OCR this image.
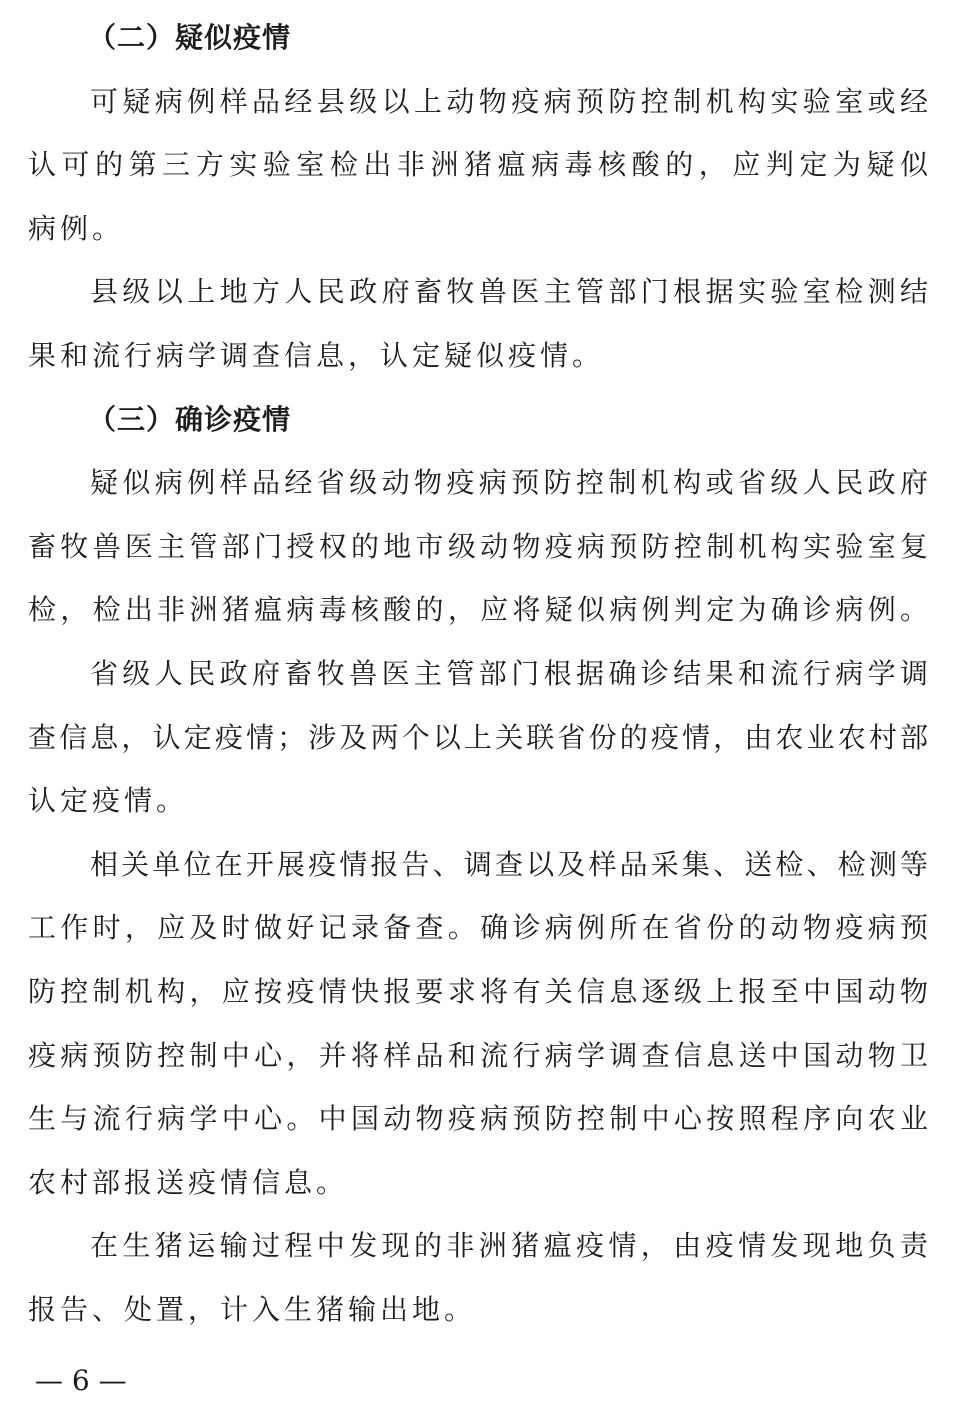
（二）疑似疫情
可疑病例样品经县级以上动物疫病预防控制机构实验室或经
认可的第三方实验室检出非洲猪瘟病毒核酸的，应判定为疑似
病例。
县级以上地方人民政府畜牧兽医主管部门根据实验室检测结
果和流行病学调查信息，认定疑似疫情。
（三）确诊疫情
疑似病例样品经省级动物疫病预防控制机构或省级人民政府
畜牧兽医主管部门授权的地市级动物疫病预防控制机构实验室复
检，检出非洲猪瘟病毒核酸的，应将疑似病例判定为确诊病例。
省级人民政府畜牧兽医主管部门根据确诊结果和流行病学调
查信息，认定疫情；涉及两个以上关联省份的疫情，由农业农村部
认定疫情。
相关单位在开展疫情报告、调查以及样品采集、送检、检测等
工作时，应及时做好记录备查。确诊病例所在省份的动物疫病预
防控制机构，应按疫情快报要求将有关信息逐级上报至中国动物
疫病预防控制中心，并将样品和流行病学调查信息送中国动物卫
生与流行病学中心。中国动物疫病预防控制中心按照程序向农业
农村部报送疫情信息。
在生猪运输过程中发现的非洲猪瘟疫情，由疫情发现地负责
报告、处置，计入生猪输出地。
— 6 —
